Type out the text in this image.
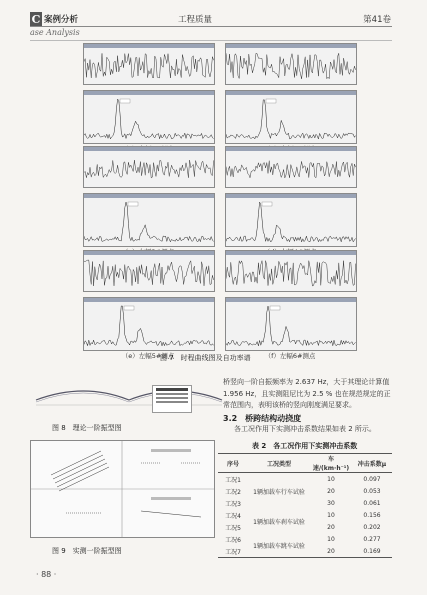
C 案例分析
ase Analysis
工程质量	第41卷
（e）左幅5#测点	（f）左幅6#测点
图 7　时程曲线图及自功率谱
图 8　理论一阶振型图
图 9　实测一阶振型图
桥竖向一阶自振频率为 2.637 Hz，大于其理论计算值 1.956 Hz，且实测阻尼比为 2.5 % 也在规范规定的正常范围内，表明该桥的竖向刚度满足要求。
3.2　桥跨结构动挠度
各工况作用下实测冲击系数结果如表 2 所示。
表 2　各工况作用下实测冲击系数
序号	工况类型	车速/(km·h⁻¹)	冲击系数μ
工况1	1辆加载车行车试验	10	0.097
工况2		20	0.053
工况3		30	0.061
工况4	1辆加载车刹车试验	10	0.156
工况5		20	0.202
工况6	1辆加载车跳车试验	10	0.277
工况7		20	0.169
· 88 ·
